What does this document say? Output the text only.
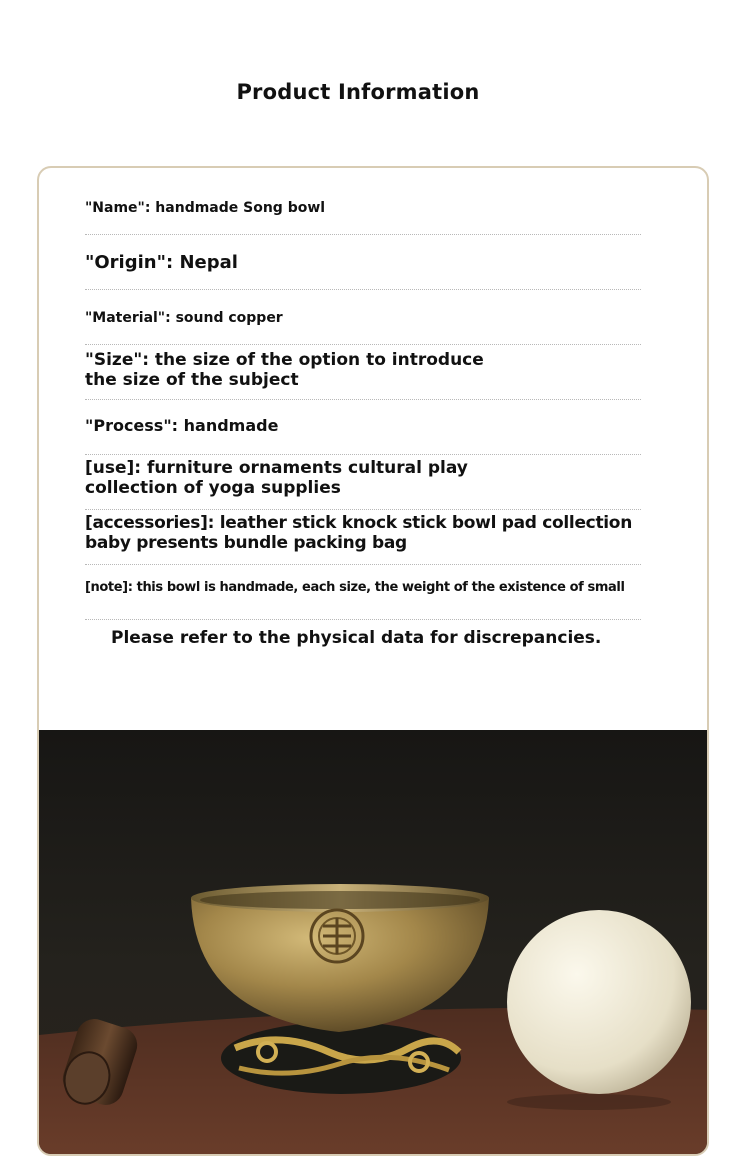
Product Information
"Name": handmade Song bowl
"Origin": Nepal
"Material": sound copper
"Size": the size of the option to introduce the size of the subject
"Process": handmade
[use]: furniture ornaments cultural play collection of yoga supplies
[accessories]: leather stick knock stick bowl pad collection baby presents bundle packing bag
[note]: this bowl is handmade, each size, the weight of the existence of small
Please refer to the physical data for discrepancies.
